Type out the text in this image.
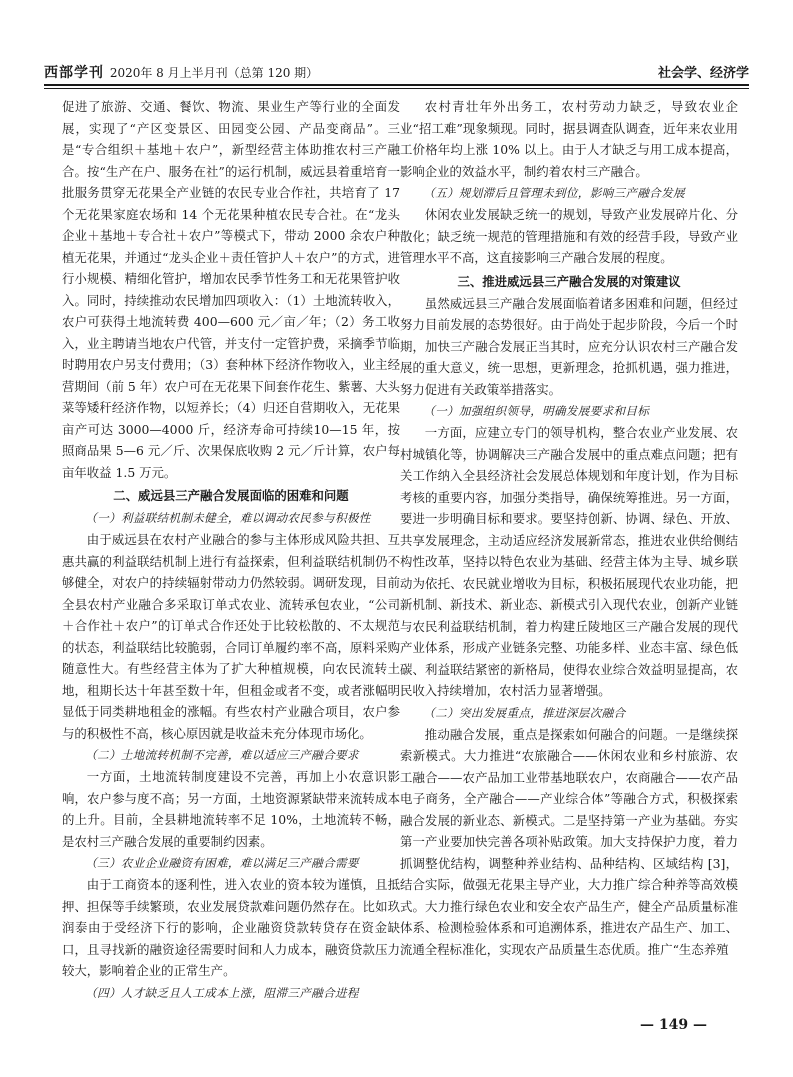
西部学刊 2020年 8 月上半月刊（总第 120 期）	社会学、经济学

促进了旅游、交通、餐饮、物流、果业生产等行业的全面发展，实现了“产区变景区、田园变公园、产品变商品”。三是“专合组织＋基地＋农户”，新型经营主体助推农村三产融合。按“生产在户、服务在社”的运行机制，威远县着重培育一批服务贯穿无花果全产业链的农民专业合作社，共培育了 17 个无花果家庭农场和 14 个无花果种植农民专合社。在“龙头企业＋基地＋专合社＋农户”等模式下，带动 2000 余农户种植无花果，并通过“龙头企业＋责任管护人＋农户”的方式，进行小规模、精细化管护，增加农民季节性务工和无花果管护收入。同时，持续推动农民增加四项收入：（1）土地流转收入，农户可获得土地流转费 400—600 元／亩／年；（2）务工收入，业主聘请当地农户代管，并支付一定管护费，采摘季节临时聘用农户另支付费用；（3）套种林下经济作物收入，业主经营期间（前 5 年）农户可在无花果下间套作花生、紫薯、大头菜等矮秆经济作物，以短养长；（4）归还自营期收入，无花果亩产可达 3000—4000 斤，经济寿命可持续10—15 年，按照商品果 5—6 元／斤、次果保底收购 2 元／斤计算，农户每亩年收益 1.5 万元。

二、威远县三产融合发展面临的困难和问题
（一）利益联结机制未健全，难以调动农民参与积极性

由于威远县在农村产业融合的参与主体形成风险共担、互惠共赢的利益联结机制上进行有益探索，但利益联结机制仍不够健全，对农户的持续辐射带动力仍然较弱。调研发现，目前全县农村产业融合多采取订单式农业、流转承包农业，“公司＋合作社＋农户”的订单式合作还处于比较松散的、不太规范的状态，利益联结比较脆弱，合同订单履约率不高，原料采购随意性大。有些经营主体为了扩大种植规模，向农民流转土地，租期长达十年甚至数十年，但租金或者不变，或者涨幅明显低于同类耕地租金的涨幅。有些农村产业融合项目，农户参与的积极性不高，核心原因就是收益未充分体现市场化。

（二）土地流转机制不完善，难以适应三产融合要求

一方面，土地流转制度建设不完善，再加上小农意识影响，农户参与度不高；另一方面，土地资源紧缺带来流转成本的上升。目前，全县耕地流转率不足 10%，土地流转不畅，是农村三产融合发展的重要制约因素。

（三）农业企业融资有困难，难以满足三产融合需要

由于工商资本的逐利性，进入农业的资本较为谨慎，且抵押、担保等手续繁琐，农业发展贷款难问题仍然存在。比如玖润泰由于受经济下行的影响，企业融资贷款转贷存在资金缺口，且寻找新的融资途径需要时间和人力成本，融资贷款压力较大，影响着企业的正常生产。

（四）人才缺乏且人工成本上涨，阻滞三产融合进程

农村青壮年外出务工，农村劳动力缺乏，导致农业企业“招工难”现象频现。同时，据县调查队调查，近年来农业用工价格年均上涨 10% 以上。由于人才缺乏与用工成本提高，影响企业的效益水平，制约着农村三产融合。

（五）规划滞后且管理未到位，影响三产融合发展

休闲农业发展缺乏统一的规划，导致产业发展碎片化、分散化；缺乏统一规范的管理措施和有效的经营手段，导致产业管理水平不高，这直接影响三产融合发展的程度。

三、推进威远县三产融合发展的对策建议

虽然威远县三产融合发展面临着诸多困难和问题，但经过努力目前发展的态势很好。由于尚处于起步阶段，今后一个时期，加快三产融合发展正当其时，应充分认识农村三产融合发展的重大意义，统一思想，更新理念，抢抓机遇，强力推进，努力促进有关政策举措落实。

（一）加强组织领导，明确发展要求和目标

一方面，应建立专门的领导机构，整合农业产业发展、农村城镇化等，协调解决三产融合发展中的重点难点问题；把有关工作纳入全县经济社会发展总体规划和年度计划，作为目标考核的重要内容，加强分类指导，确保统筹推进。另一方面，要进一步明确目标和要求。要坚持创新、协调、绿色、开放、共享发展理念，主动适应经济发展新常态，推进农业供给侧结构性改革，坚持以特色农业为基础、经营主体为主导、城乡联动为依托、农民就业增收为目标，积极拓展现代农业功能，把新机制、新技术、新业态、新模式引入现代农业，创新产业链与农民利益联结机制，着力构建丘陵地区三产融合发展的现代产业体系，形成产业链条完整、功能多样、业态丰富、绿色低碳、利益联结紧密的新格局，使得农业综合效益明显提高，农民收入持续增加，农村活力显著增强。

（二）突出发展重点，推进深层次融合

推动融合发展，重点是探索如何融合的问题。一是继续探索新模式。大力推进“农旅融合——休闲农业和乡村旅游、农工融合——农产品加工业带基地联农户，农商融合——农产品电子商务，全产融合——产业综合体”等融合方式，积极探索融合发展的新业态、新模式。二是坚持第一产业为基础。夯实第一产业要加快完善各项补贴政策。加大支持保护力度，着力抓调整优结构，调整种养业结构、品种结构、区域结构 [3]，结合实际，做强无花果主导产业，大力推广综合种养等高效模式。大力推行绿色农业和安全农产品生产，健全产品质量标准体系、检测检验体系和可追溯体系，推进农产品生产、加工、流通全程标准化，实现农产品质量生态优质。推广“生态养殖

— 149 —
